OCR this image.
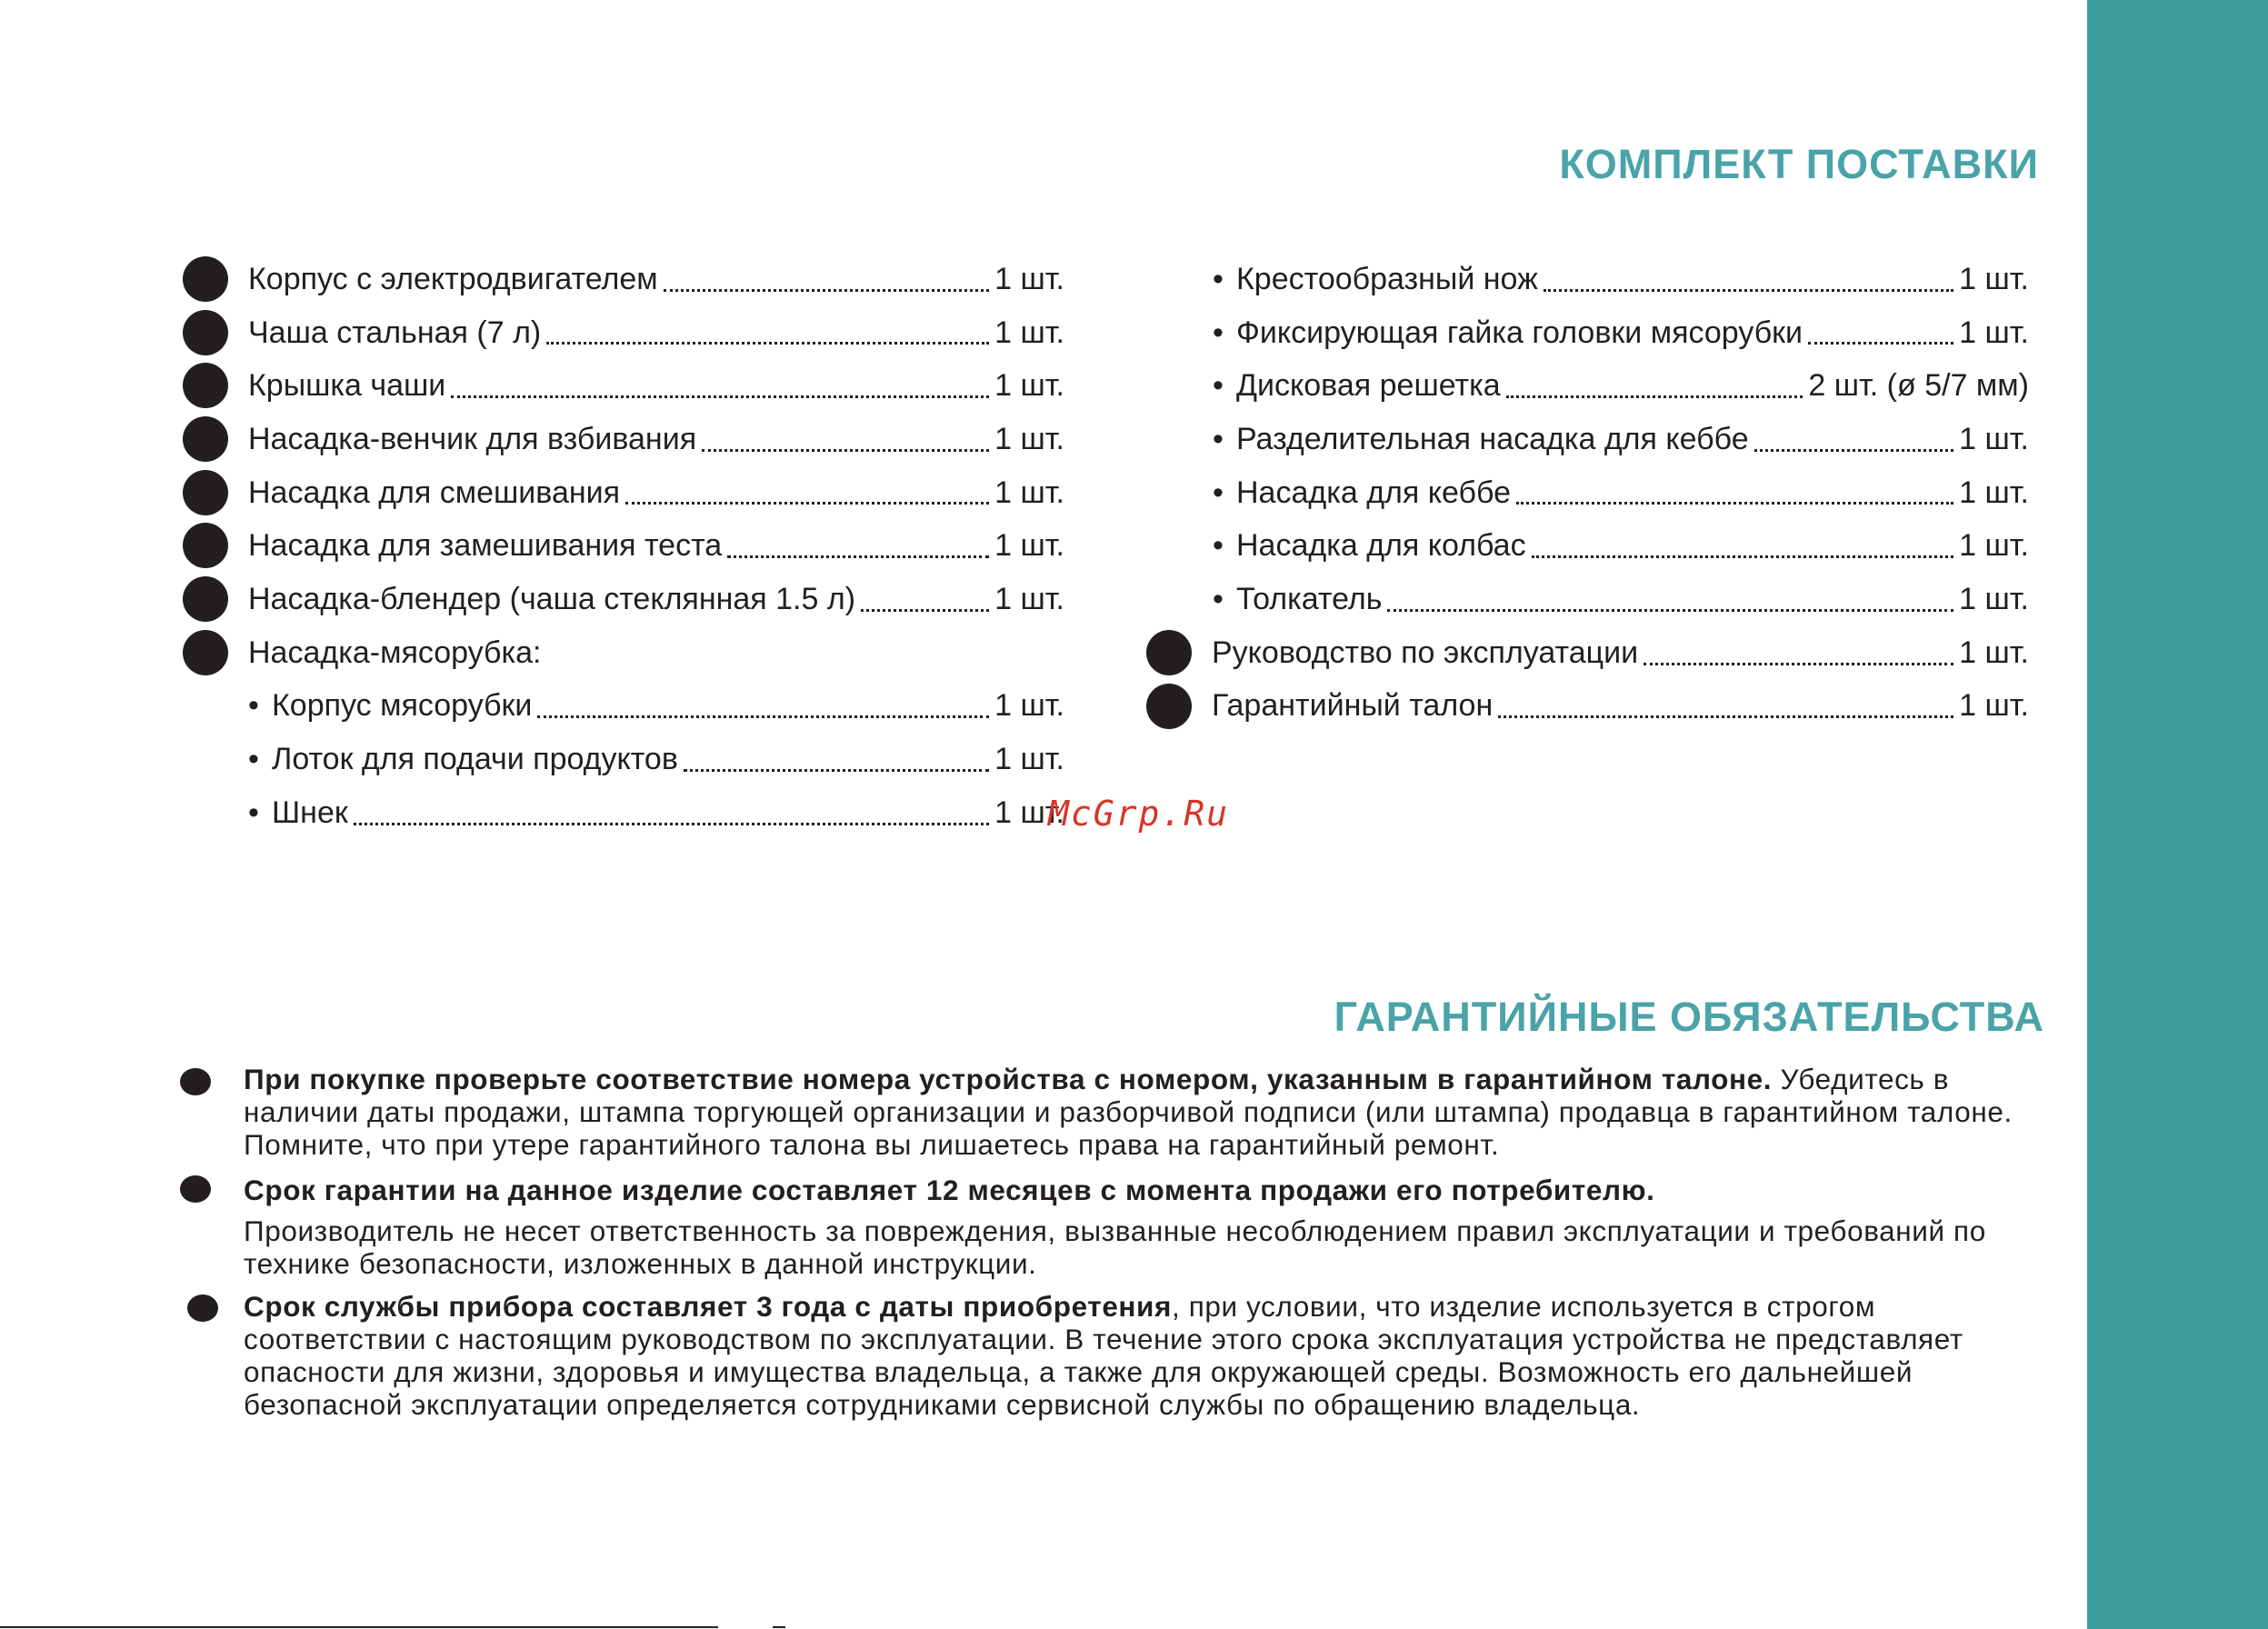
КОМПЛЕКТ ПОСТАВКИ
Корпус с электродвигателем	1 шт.
Чаша стальная (7 л)	1 шт.
Крышка чаши	1 шт.
Насадка-венчик для взбивания	1 шт.
Насадка для смешивания	1 шт.
Насадка для замешивания теста	1 шт.
Насадка-блендер (чаша стеклянная 1.5 л)	1 шт.
Насадка-мясорубка:
• Корпус мясорубки	1 шт.
• Лоток для подачи продуктов	1 шт.
• Шнек	1 шт.
• Крестообразный нож	1 шт.
• Фиксирующая гайка головки мясорубки	1 шт.
• Дисковая решетка	2 шт. (ø 5/7 мм)
• Разделительная насадка для кеббе	1 шт.
• Насадка для кеббе	1 шт.
• Насадка для колбас	1 шт.
• Толкатель	1 шт.
Руководство по эксплуатации	1 шт.
Гарантийный талон	1 шт.
McGrp.Ru
ГАРАНТИЙНЫЕ ОБЯЗАТЕЛЬСТВА
При покупке проверьте соответствие номера устройства с номером, указанным в гарантийном талоне. Убедитесь в наличии даты продажи, штампа торгующей организации и разборчивой подписи (или штампа) продавца в гарантийном талоне. Помните, что при утере гарантийного талона вы лишаетесь права на гарантийный ремонт.
Срок гарантии на данное изделие составляет 12 месяцев с момента продажи его потребителю.
Производитель не несет ответственность за повреждения, вызванные несоблюдением правил эксплуатации и требований по технике безопасности, изложенных в данной инструкции.
Срок службы прибора составляет 3 года с даты приобретения, при условии, что изделие используется в строгом соответствии с настоящим руководством по эксплуатации. В течение этого срока эксплуатация устройства не представляет опасности для жизни, здоровья и имущества владельца, а также для окружающей среды. Возможность его дальнейшей безопасной эксплуатации определяется сотрудниками сервисной службы по обращению владельца.
